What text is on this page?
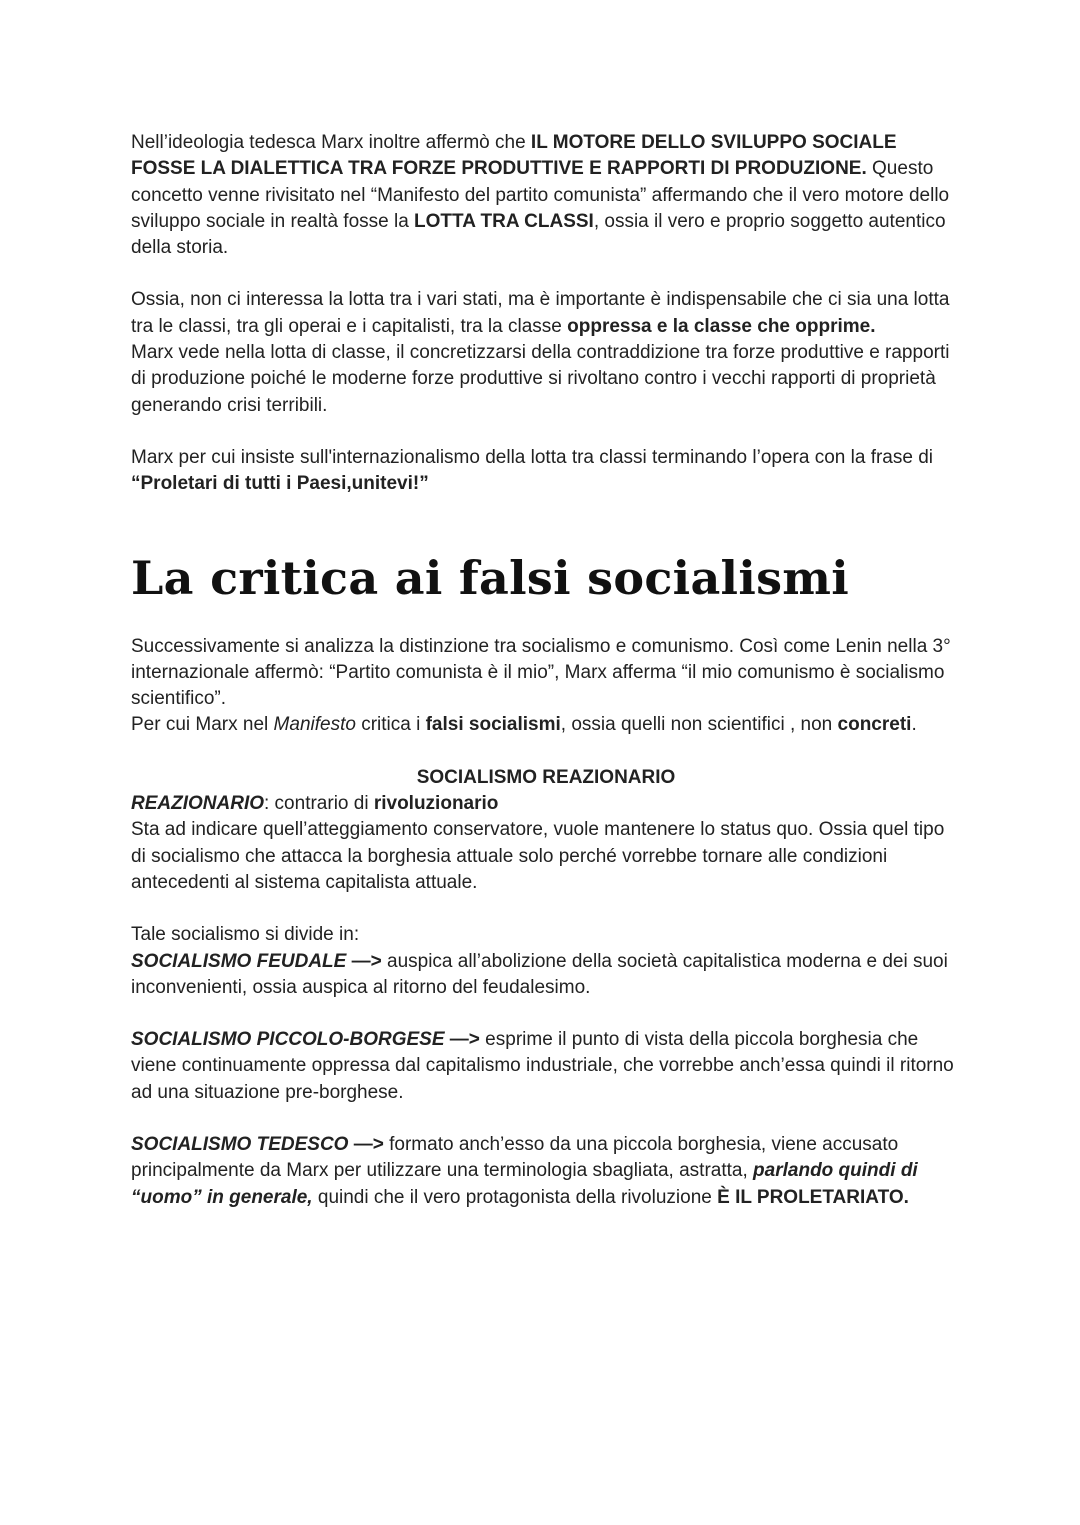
Nell’ideologia tedesca Marx inoltre affermò che IL MOTORE DELLO SVILUPPO SOCIALE FOSSE LA DIALETTICA TRA FORZE PRODUTTIVE E RAPPORTI DI PRODUZIONE. Questo concetto venne rivisitato nel “Manifesto del partito comunista” affermando che il vero motore dello sviluppo sociale in realtà fosse la LOTTA TRA CLASSI, ossia il vero e proprio soggetto autentico della storia.

Ossia, non ci interessa la lotta tra i vari stati, ma è importante è indispensabile che ci sia una lotta tra le classi, tra gli operai e i capitalisti, tra la classe oppressa e la classe che opprime.

Marx vede nella lotta di classe, il concretizzarsi della contraddizione tra forze produttive e rapporti di produzione poiché le moderne forze produttive si rivoltano contro i vecchi rapporti di proprietà generando crisi terribili.

Marx per cui insiste sull'internazionalismo della lotta tra classi terminando l’opera con la frase di “Proletari di tutti i Paesi,unitevi!”

La critica ai falsi socialismi

Successivamente si analizza la distinzione tra socialismo e comunismo. Così come Lenin nella 3° internazionale affermò: “Partito comunista è il mio”, Marx afferma “il mio comunismo è socialismo scientifico”.

Per cui Marx nel Manifesto critica i falsi socialismi, ossia quelli non scientifici , non concreti.

SOCIALISMO REAZIONARIO

REAZIONARIO: contrario di rivoluzionario

Sta ad indicare quell’atteggiamento conservatore, vuole mantenere lo status quo. Ossia quel tipo di socialismo che attacca la borghesia attuale solo perché vorrebbe tornare alle condizioni antecedenti al sistema capitalista attuale.

Tale socialismo si divide in:

SOCIALISMO FEUDALE —> auspica all’abolizione della società capitalistica moderna e dei suoi inconvenienti, ossia auspica al ritorno del feudalesimo.

SOCIALISMO PICCOLO-BORGESE —> esprime il punto di vista della piccola borghesia che viene continuamente oppressa dal capitalismo industriale, che vorrebbe anch’essa quindi il ritorno ad una situazione pre-borghese.

SOCIALISMO TEDESCO —> formato anch’esso da una piccola borghesia, viene accusato principalmente da Marx per utilizzare una terminologia sbagliata, astratta, parlando quindi di “uomo” in generale, quindi che il vero protagonista della rivoluzione È IL PROLETARIATO.
